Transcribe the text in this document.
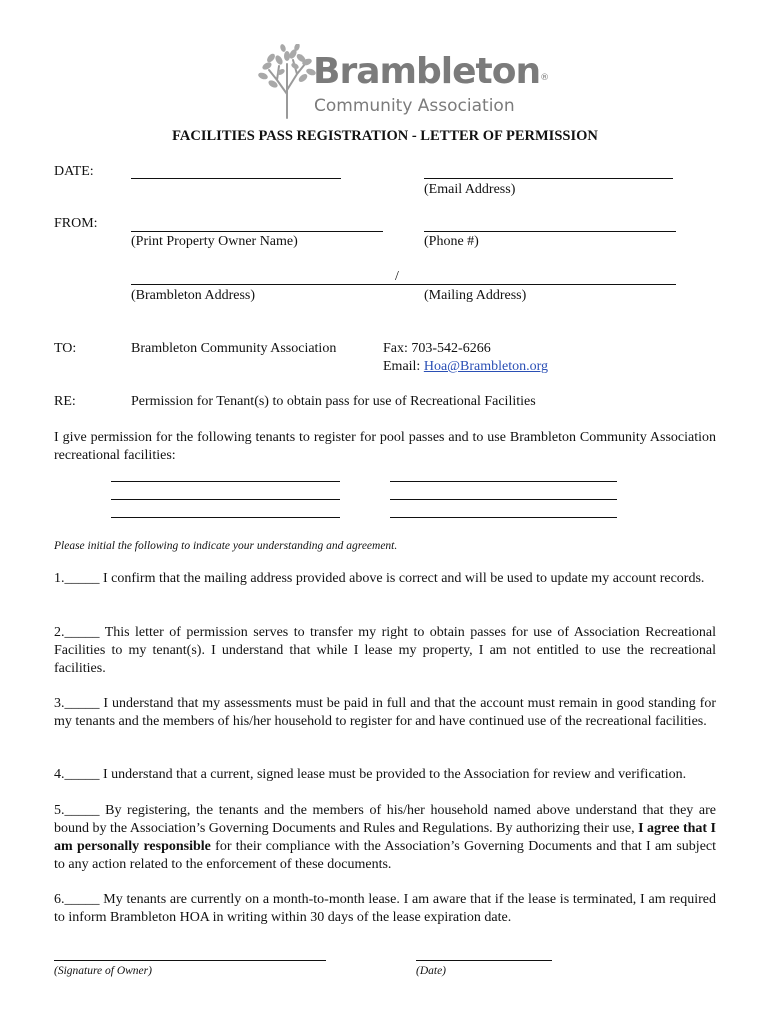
Brambleton®
Community Association
FACILITIES PASS REGISTRATION - LETTER OF PERMISSION
DATE:
(Email Address)
FROM:
(Print Property Owner Name)	(Phone #)
/
(Brambleton Address)	(Mailing Address)
TO:	Brambleton Community Association	Fax: 703-542-6266
Email: Hoa@Brambleton.org
RE:	Permission for Tenant(s) to obtain pass for use of Recreational Facilities
I give permission for the following tenants to register for pool passes and to use Brambleton Community Association recreational facilities:
Please initial the following to indicate your understanding and agreement.
1._____ I confirm that the mailing address provided above is correct and will be used to update my account records.
2._____ This letter of permission serves to transfer my right to obtain passes for use of Association Recreational Facilities to my tenant(s). I understand that while I lease my property, I am not entitled to use the recreational facilities.
3._____ I understand that my assessments must be paid in full and that the account must remain in good standing for my tenants and the members of his/her household to register for and have continued use of the recreational facilities.
4._____ I understand that a current, signed lease must be provided to the Association for review and verification.
5._____ By registering, the tenants and the members of his/her household named above understand that they are bound by the Association’s Governing Documents and Rules and Regulations. By authorizing their use, I agree that I am personally responsible for their compliance with the Association’s Governing Documents and that I am subject to any action related to the enforcement of these documents.
6._____ My tenants are currently on a month-to-month lease. I am aware that if the lease is terminated, I am required to inform Brambleton HOA in writing within 30 days of the lease expiration date.
(Signature of Owner)	(Date)
